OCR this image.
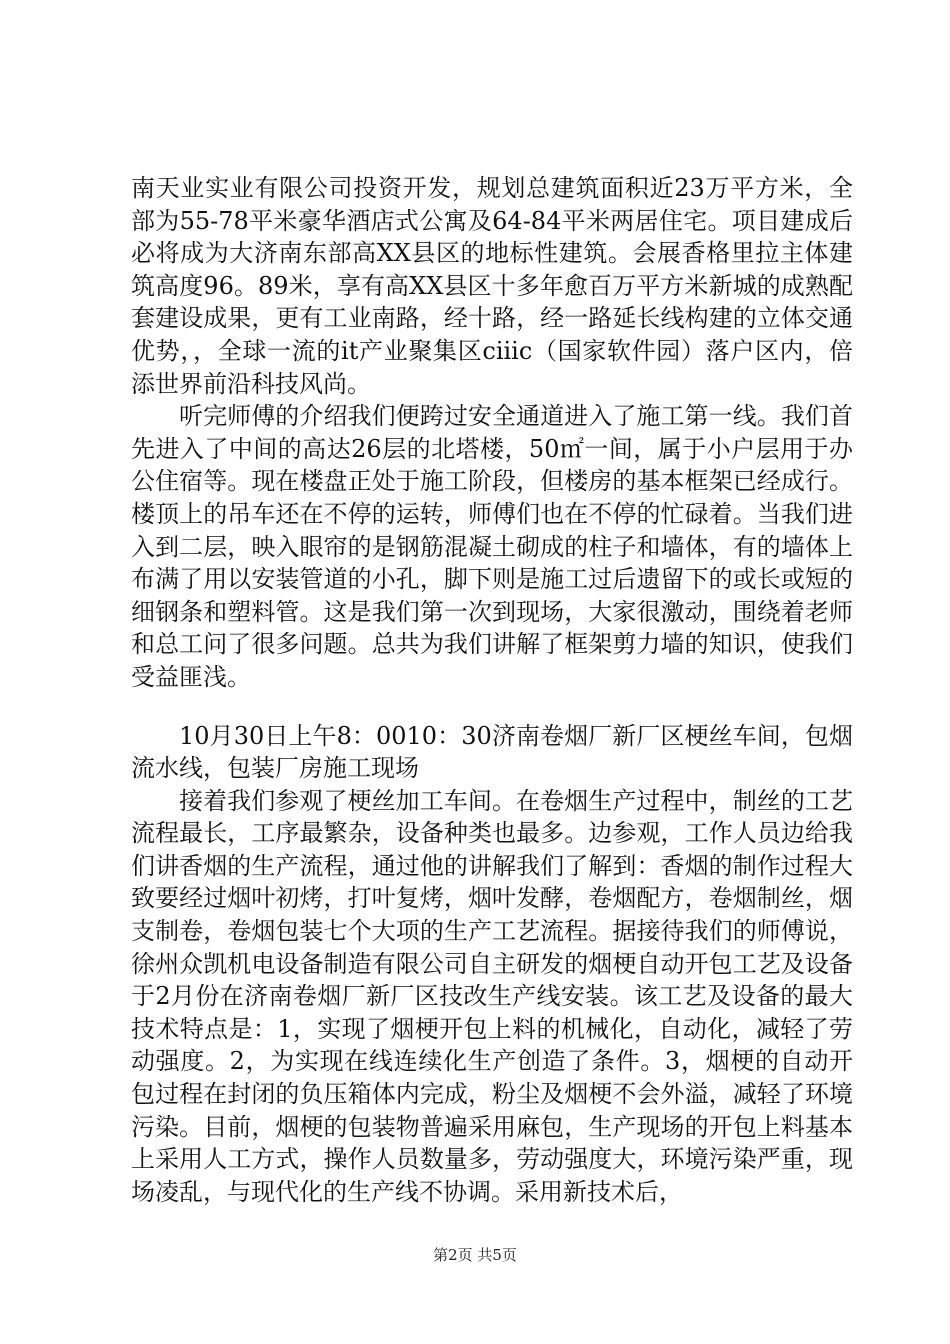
南天业实业有限公司投资开发，规划总建筑面积近23万平方米，全部为55-78平米豪华酒店式公寓及64-84平米两居住宅。项目建成后必将成为大济南东部高XX县区的地标性建筑。会展香格里拉主体建筑高度96。89米，享有高XX县区十多年愈百万平方米新城的成熟配套建设成果，更有工业南路，经十路，经一路延长线构建的立体交通优势，，全球一流的it产业聚集区ciiic（国家软件园）落户区内，倍添世界前沿科技风尚。

听完师傅的介绍我们便跨过安全通道进入了施工第一线。我们首先进入了中间的高达26层的北塔楼，50㎡一间，属于小户层用于办公住宿等。现在楼盘正处于施工阶段，但楼房的基本框架已经成行。楼顶上的吊车还在不停的运转，师傅们也在不停的忙碌着。当我们进入到二层，映入眼帘的是钢筋混凝土砌成的柱子和墙体，有的墙体上布满了用以安装管道的小孔，脚下则是施工过后遗留下的或长或短的细钢条和塑料管。这是我们第一次到现场，大家很激动，围绕着老师和总工问了很多问题。总共为我们讲解了框架剪力墙的知识，使我们受益匪浅。

10月30日上午8：0010：30济南卷烟厂新厂区梗丝车间，包烟流水线，包装厂房施工现场

接着我们参观了梗丝加工车间。在卷烟生产过程中，制丝的工艺流程最长，工序最繁杂，设备种类也最多。边参观，工作人员边给我们讲香烟的生产流程，通过他的讲解我们了解到：香烟的制作过程大致要经过烟叶初烤，打叶复烤，烟叶发酵，卷烟配方，卷烟制丝，烟支制卷，卷烟包装七个大项的生产工艺流程。据接待我们的师傅说，徐州众凯机电设备制造有限公司自主研发的烟梗自动开包工艺及设备于2月份在济南卷烟厂新厂区技改生产线安装。该工艺及设备的最大技术特点是：1，实现了烟梗开包上料的机械化，自动化，减轻了劳动强度。2，为实现在线连续化生产创造了条件。3，烟梗的自动开包过程在封闭的负压箱体内完成，粉尘及烟梗不会外溢，减轻了环境污染。目前，烟梗的包装物普遍采用麻包，生产现场的开包上料基本上采用人工方式，操作人员数量多，劳动强度大，环境污染严重，现场凌乱，与现代化的生产线不协调。采用新技术后，

第2页 共5页
